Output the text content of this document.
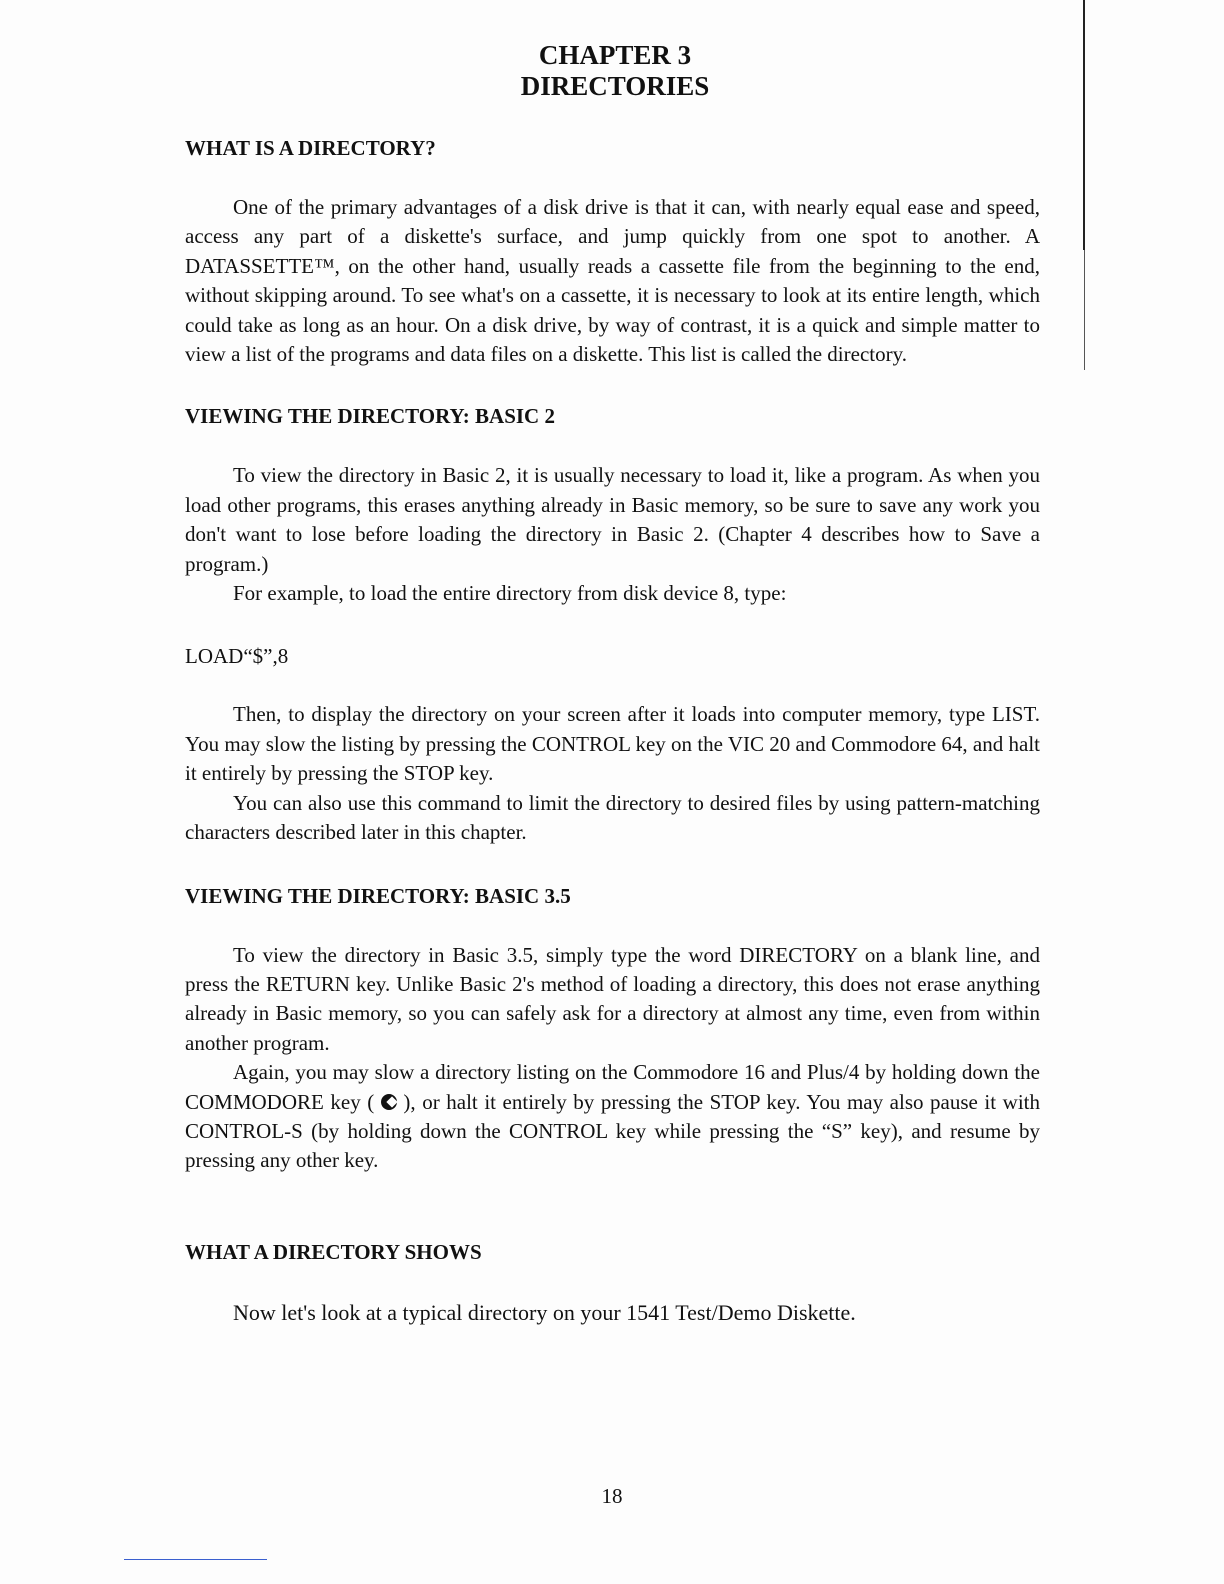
CHAPTER 3
DIRECTORIES
WHAT IS A DIRECTORY?

One of the primary advantages of a disk drive is that it can, with nearly equal ease and speed, access any part of a diskette's surface, and jump quickly from one spot to another. A DATASSETTE™, on the other hand, usually reads a cassette file from the beginning to the end, without skipping around. To see what's on a cassette, it is necessary to look at its entire length, which could take as long as an hour. On a disk drive, by way of contrast, it is a quick and simple matter to view a list of the programs and data files on a diskette. This list is called the directory.

VIEWING THE DIRECTORY: BASIC 2

To view the directory in Basic 2, it is usually necessary to load it, like a program. As when you load other programs, this erases anything already in Basic memory, so be sure to save any work you don't want to lose before loading the directory in Basic 2. (Chapter 4 describes how to Save a program.)

For example, to load the entire directory from disk device 8, type:

LOAD“$”,8

Then, to display the directory on your screen after it loads into computer memory, type LIST. You may slow the listing by pressing the CONTROL key on the VIC 20 and Commodore 64, and halt it entirely by pressing the STOP key.

You can also use this command to limit the directory to desired files by using pattern-matching characters described later in this chapter.

VIEWING THE DIRECTORY: BASIC 3.5

To view the directory in Basic 3.5, simply type the word DIRECTORY on a blank line, and press the RETURN key. Unlike Basic 2's method of loading a directory, this does not erase anything already in Basic memory, so you can safely ask for a directory at almost any time, even from within another program.

Again, you may slow a directory listing on the Commodore 16 and Plus/4 by holding down the COMMODORE key ( ), or halt it entirely by pressing the STOP key. You may also pause it with CONTROL-S (by holding down the CONTROL key while pressing the “S” key), and resume by pressing any other key.

WHAT A DIRECTORY SHOWS

Now let's look at a typical directory on your 1541 Test/Demo Diskette.

18
